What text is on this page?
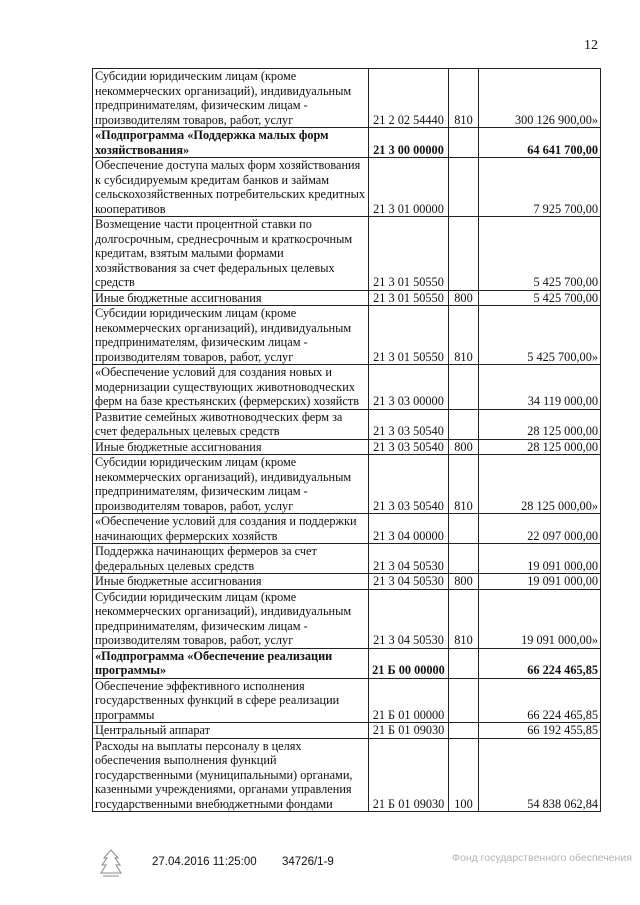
12
Субсидии юридическим лицам (кроме некоммерческих организаций), индивидуальным предпринимателям, физическим лицам - производителям товаров, работ, услуг	21 2 02 54440	810	300 126 900,00»
«Подпрограмма «Поддержка малых форм хозяйствования»	21 3 00 00000		64 641 700,00
Обеспечение доступа малых форм хозяйствования к субсидируемым кредитам банков и займам сельскохозяйственных потребительских кредитных кооперативов	21 3 01 00000		7 925 700,00
Возмещение части процентной ставки по долгосрочным, среднесрочным и краткосрочным кредитам, взятым малыми формами хозяйствования за счет федеральных целевых средств	21 3 01 50550		5 425 700,00
Иные бюджетные ассигнования	21 3 01 50550	800	5 425 700,00
Субсидии юридическим лицам (кроме некоммерческих организаций), индивидуальным предпринимателям, физическим лицам - производителям товаров, работ, услуг	21 3 01 50550	810	5 425 700,00»
«Обеспечение условий для создания новых и модернизации существующих животноводческих ферм на базе крестьянских (фермерских) хозяйств	21 3 03 00000		34 119 000,00
Развитие семейных животноводческих ферм за счет федеральных целевых средств	21 3 03 50540		28 125 000,00
Иные бюджетные ассигнования	21 3 03 50540	800	28 125 000,00
Субсидии юридическим лицам (кроме некоммерческих организаций), индивидуальным предпринимателям, физическим лицам - производителям товаров, работ, услуг	21 3 03 50540	810	28 125 000,00»
«Обеспечение условий для создания и поддержки начинающих фермерских хозяйств	21 3 04 00000		22 097 000,00
Поддержка начинающих фермеров за счет федеральных целевых средств	21 3 04 50530		19 091 000,00
Иные бюджетные ассигнования	21 3 04 50530	800	19 091 000,00
Субсидии юридическим лицам (кроме некоммерческих организаций), индивидуальным предпринимателям, физическим лицам - производителям товаров, работ, услуг	21 3 04 50530	810	19 091 000,00»
«Подпрограмма «Обеспечение реализации программы»	21 Б 00 00000		66 224 465,85
Обеспечение эффективного исполнения государственных функций в сфере реализации программы	21 Б 01 00000		66 224 465,85
Центральный аппарат	21 Б 01 09030		66 192 455,85
Расходы на выплаты персоналу в целях обеспечения выполнения функций государственными (муниципальными) органами, казенными учреждениями, органами управления государственными внебюджетными фондами	21 Б 01 09030	100	54 838 062,84
27.04.2016 11:25:00 34726/1-9	Фонд государственного обеспечения
